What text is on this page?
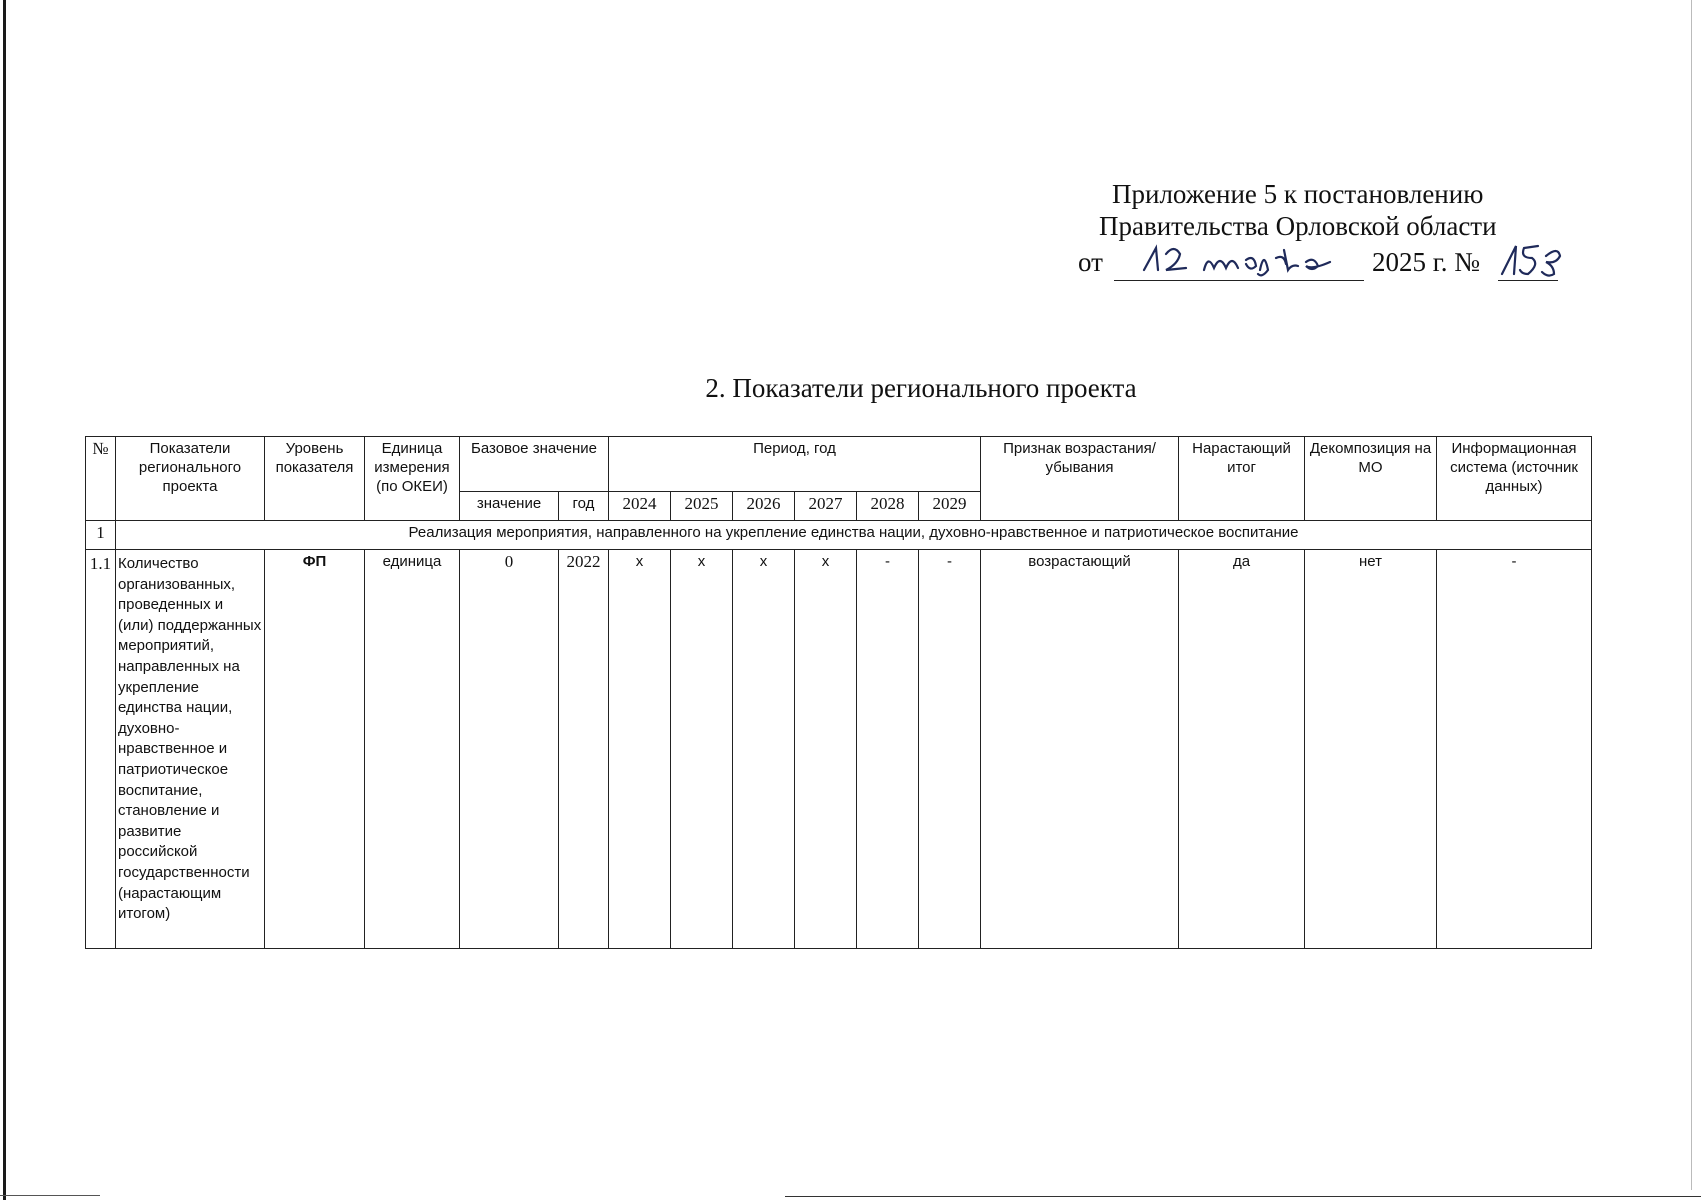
Приложение 5 к постановлению
Правительства Орловской области
от	2025 г. №
2. Показатели регионального проекта
№	Показатели регионального проекта	Уровень показателя	Единица измерения (по ОКЕИ)	Базовое значение		Период, год						Признак возрастания/убывания	Нарастающий итог	Декомпозиция на МО	Информационная система (источник данных)
				значение	год	2024	2025	2026	2027	2028	2029				
1	Реализация мероприятия, направленного на укрепление единства нации, духовно-нравственное и патриотическое воспитание														
1.1	Количество организованных, проведенных и (или) поддержанных мероприятий, направленных на укрепление единства нации, духовно-нравственное и патриотическое воспитание, становление и развитие российской государственности (нарастающим итогом)	ФП	единица	0	2022	х	х	х	х	-	-	возрастающий	да	нет	-
